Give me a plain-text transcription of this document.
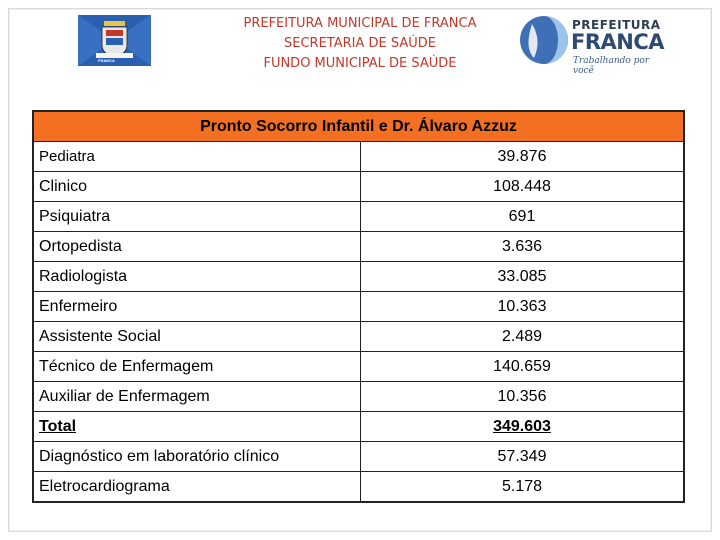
FRANCA
PREFEITURA MUNICIPAL DE FRANCA
SECRETARIA DE SAÚDE
FUNDO MUNICIPAL DE SAÚDE
PREFEITURA
FRANCA
Trabalhando por você
Pronto Socorro Infantil e Dr. Álvaro Azzuz
Pediatra	39.876
Clinico	108.448
Psiquiatra	691
Ortopedista	3.636
Radiologista	33.085
Enfermeiro	10.363
Assistente Social	2.489
Técnico de Enfermagem	140.659
Auxiliar de Enfermagem	10.356
Total	349.603
Diagnóstico em laboratório clínico	57.349
Eletrocardiograma	5.178
